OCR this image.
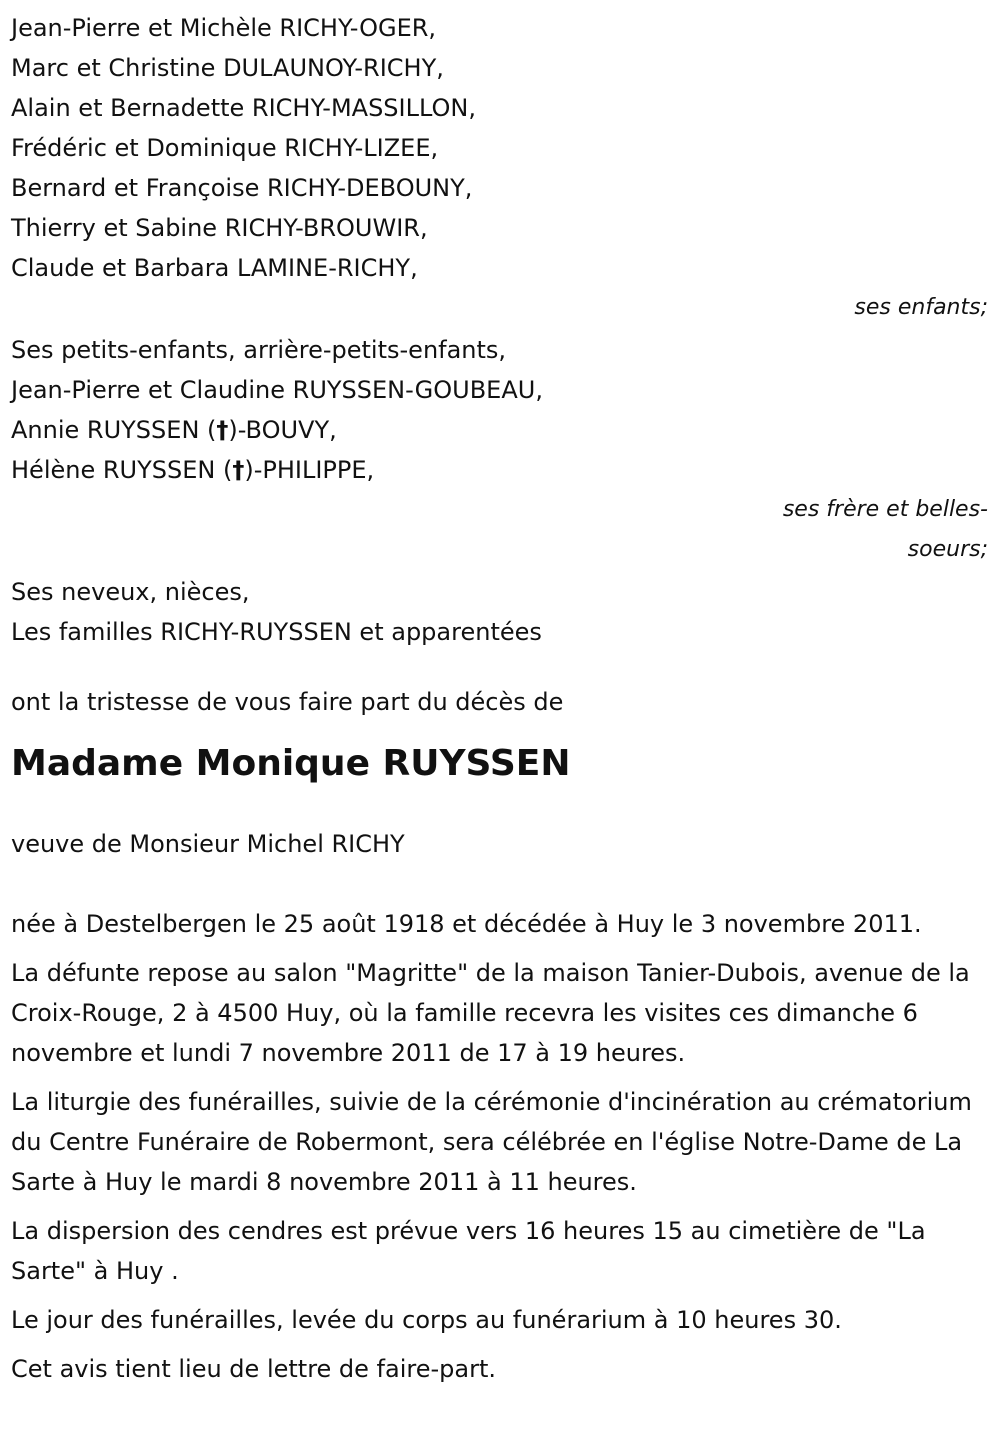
Jean-Pierre et Michèle RICHY-OGER,
Marc et Christine DULAUNOY-RICHY,
Alain et Bernadette RICHY-MASSILLON,
Frédéric et Dominique RICHY-LIZEE,
Bernard et Françoise RICHY-DEBOUNY,
Thierry et Sabine RICHY-BROUWIR,
Claude et Barbara LAMINE-RICHY,
ses enfants;
Ses petits-enfants, arrière-petits-enfants,
Jean-Pierre et Claudine RUYSSEN-GOUBEAU,
Annie RUYSSEN (†)-BOUVY,
Hélène RUYSSEN (†)-PHILIPPE,
ses frère et belles-
soeurs;
Ses neveux, nièces,
Les familles RICHY-RUYSSEN et apparentées
ont la tristesse de vous faire part du décès de
Madame Monique RUYSSEN
veuve de Monsieur Michel RICHY
née à Destelbergen le 25 août 1918 et décédée à Huy le 3 novembre 2011.
La défunte repose au salon "Magritte" de la maison Tanier-Dubois, avenue de la Croix-Rouge, 2 à 4500 Huy, où la famille recevra les visites ces dimanche 6 novembre et lundi 7 novembre 2011 de 17 à 19 heures.
La liturgie des funérailles, suivie de la cérémonie d'incinération au crématorium du Centre Funéraire de Robermont, sera célébrée en l'église Notre-Dame de La Sarte à Huy le mardi 8 novembre 2011 à 11 heures.
La dispersion des cendres est prévue vers 16 heures 15 au cimetière de "La Sarte" à Huy .
Le jour des funérailles, levée du corps au funérarium à 10 heures 30.
Cet avis tient lieu de lettre de faire-part.
